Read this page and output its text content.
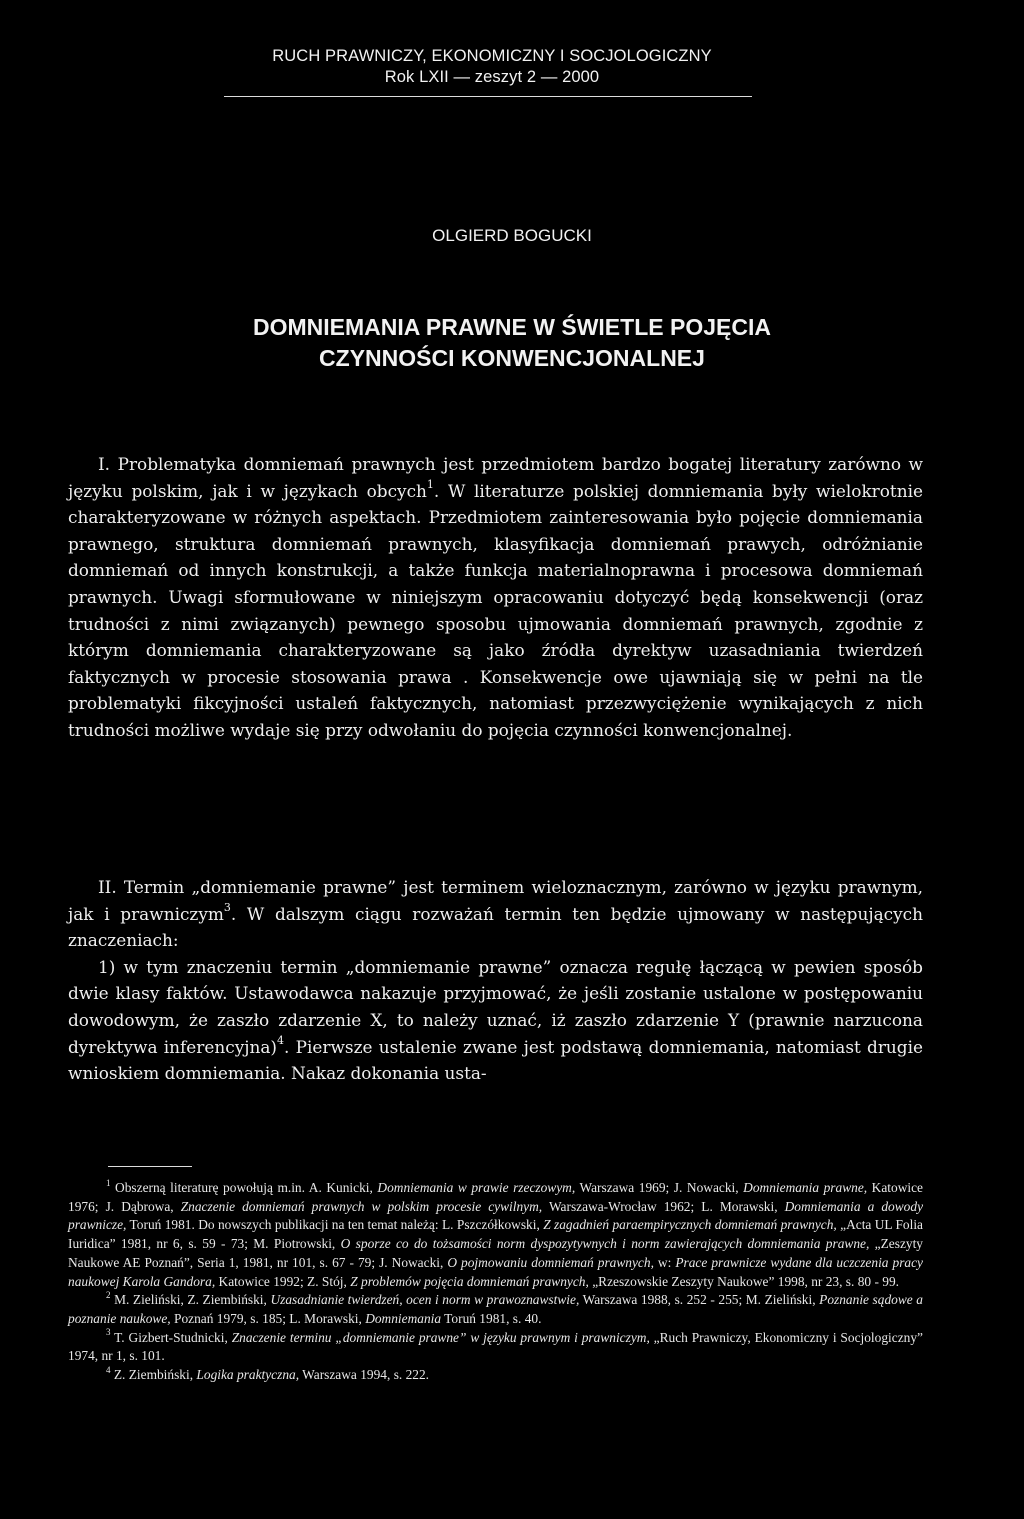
RUCH PRAWNICZY, EKONOMICZNY I SOCJOLOGICZNY
Rok LXII — zeszyt 2 — 2000
OLGIERD BOGUCKI
DOMNIEMANIA PRAWNE W ŚWIETLE POJĘCIA
CZYNNOŚCI KONWENCJONALNEJ

I. Problematyka domniemań prawnych jest przedmiotem bardzo bogatej literatury zarówno w języku polskim, jak i w językach obcych$^1$. W literaturze polskiej domniemania były wielokrotnie charakteryzowane w różnych aspektach. Przedmiotem zainteresowania było pojęcie domniemania prawnego, struktura domniemań prawnych, klasyfikacja domniemań prawych, odróżnianie domniemań od innych konstrukcji, a także funkcja materialnoprawna i procesowa domniemań prawnych. Uwagi sformułowane w niniejszym opracowaniu dotyczyć będą konsekwencji (oraz trudności z nimi związanych) pewnego sposobu ujmowania domniemań prawnych, zgodnie z którym domniemania charakteryzowane są jako źródła dyrektyw uzasadniania twierdzeń faktycznych w procesie stosowania prawa . Konsekwencje owe ujawniają się w pełni na tle problematyki fikcyjności ustaleń faktycznych, natomiast przezwyciężenie wynikających z nich trudności możliwe wydaje się przy odwołaniu do pojęcia czynności konwencjonalnej.

II. Termin „domniemanie prawne” jest terminem wieloznacznym, zarówno w języku prawnym, jak i prawniczym$^3$. W dalszym ciągu rozważań termin ten będzie ujmowany w następujących znaczeniach:

1) w tym znaczeniu termin „domniemanie prawne” oznacza regułę łączącą w pewien sposób dwie klasy faktów. Ustawodawca nakazuje przyjmować, że jeśli zostanie ustalone w postępowaniu dowodowym, że zaszło zdarzenie X, to należy uznać, iż zaszło zdarzenie Y (prawnie narzucona dyrektywa inferencyjna)$^4$. Pierwsze ustalenie zwane jest podstawą domniemania, natomiast drugie wnioskiem domniemania. Nakaz dokonania usta-

$^1$ Obszerną literaturę powołują m.in. A. Kunicki, Domniemania w prawie rzeczowym, Warszawa 1969; J. Nowacki, Domniemania prawne, Katowice 1976; J. Dąbrowa, Znaczenie domniemań prawnych w polskim procesie cywilnym, Warszawa-Wrocław 1962; L. Morawski, Domniemania a dowody prawnicze, Toruń 1981. Do nowszych publikacji na ten temat należą: L. Pszczółkowski, Z zagadnień paraempirycznych domniemań prawnych, „Acta UL Folia Iuridica” 1981, nr 6, s. 59 - 73; M. Piotrowski, O sporze co do tożsamości norm dyspozytywnych i norm zawierających domniemania prawne, „Zeszyty Naukowe AE Poznań”, Seria 1, 1981, nr 101, s. 67 - 79; J. Nowacki, O pojmowaniu domniemań prawnych, w: Prace prawnicze wydane dla uczczenia pracy naukowej Karola Gandora, Katowice 1992; Z. Stój, Z problemów pojęcia domniemań prawnych, „Rzeszowskie Zeszyty Naukowe” 1998, nr 23, s. 80 - 99.

$^2$ M. Zieliński, Z. Ziembiński, Uzasadnianie twierdzeń, ocen i norm w prawoznawstwie, Warszawa 1988, s. 252 - 255; M. Zieliński, Poznanie sądowe a poznanie naukowe, Poznań 1979, s. 185; L. Morawski, Domniemania Toruń 1981, s. 40.

$^3$ T. Gizbert-Studnicki, Znaczenie terminu „domniemanie prawne” w języku prawnym i prawniczym, „Ruch Prawniczy, Ekonomiczny i Socjologiczny” 1974, nr 1, s. 101.

$^4$ Z. Ziembiński, Logika praktyczna, Warszawa 1994, s. 222.
